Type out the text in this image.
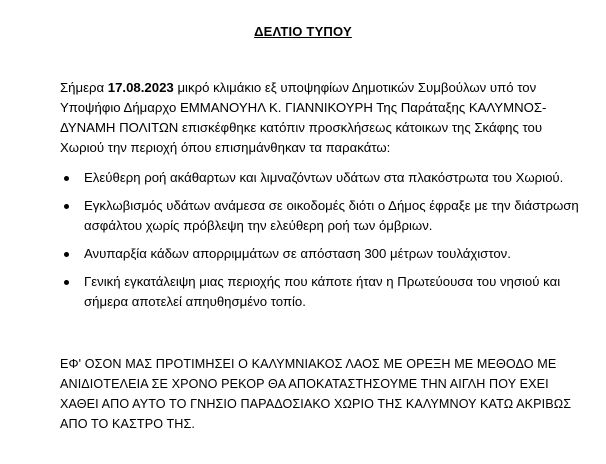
ΔΕΛΤΙΟ ΤΥΠΟΥ
Σήμερα 17.08.2023 μικρό κλιμάκιο εξ υποψηφίων Δημοτικών Συμβούλων υπό τον Υποψήφιο Δήμαρχο ΕΜΜΑΝΟΥΗΛ Κ. ΓΙΑΝΝΙΚΟΥΡΗ Της Παράταξης ΚΑΛΥΜΝΟΣ-ΔΥΝΑΜΗ ΠΟΛΙΤΩΝ επισκέφθηκε κατόπιν προσκλήσεως κάτοικων της Σκάφης του Χωριού την περιοχή όπου επισημάνθηκαν τα παρακάτω:
Ελεύθερη ροή ακάθαρτων και λιμναζόντων υδάτων στα πλακόστρωτα του Χωριού.
Εγκλωβισμός υδάτων ανάμεσα σε οικοδομές διότι ο Δήμος έφραξε με την διάστρωση ασφάλτου χωρίς πρόβλεψη την ελεύθερη ροή των όμβριων.
Ανυπαρξία κάδων απορριμμάτων σε απόσταση 300 μέτρων τουλάχιστον.
Γενική εγκατάλειψη μιας περιοχής που κάποτε ήταν η Πρωτεύουσα του νησιού και σήμερα αποτελεί απηυθησμένο τοπίο.
ΕΦ' ΟΣΟΝ ΜΑΣ ΠΡΟΤΙΜΗΣΕΙ Ο ΚΑΛΥΜΝΙΑΚΟΣ ΛΑΟΣ ΜΕ ΟΡΕΞΗ ΜΕ ΜΕΘΟΔΟ ΜΕ ΑΝΙΔΙΟΤΕΛΕΙΑ ΣΕ ΧΡΟΝΟ ΡΕΚΟΡ ΘΑ ΑΠΟΚΑΤΑΣΤΗΣΟΥΜΕ ΤΗΝ ΑΙΓΛΗ ΠΟΥ ΕΧΕΙ ΧΑΘΕΙ ΑΠΟ ΑΥΤΟ ΤΟ ΓΝΗΣΙΟ ΠΑΡΑΔΟΣΙΑΚΟ ΧΩΡΙΟ ΤΗΣ ΚΑΛΥΜΝΟΥ ΚΑΤΩ ΑΚΡΙΒΩΣ ΑΠΟ ΤΟ ΚΑΣΤΡΟ ΤΗΣ.
